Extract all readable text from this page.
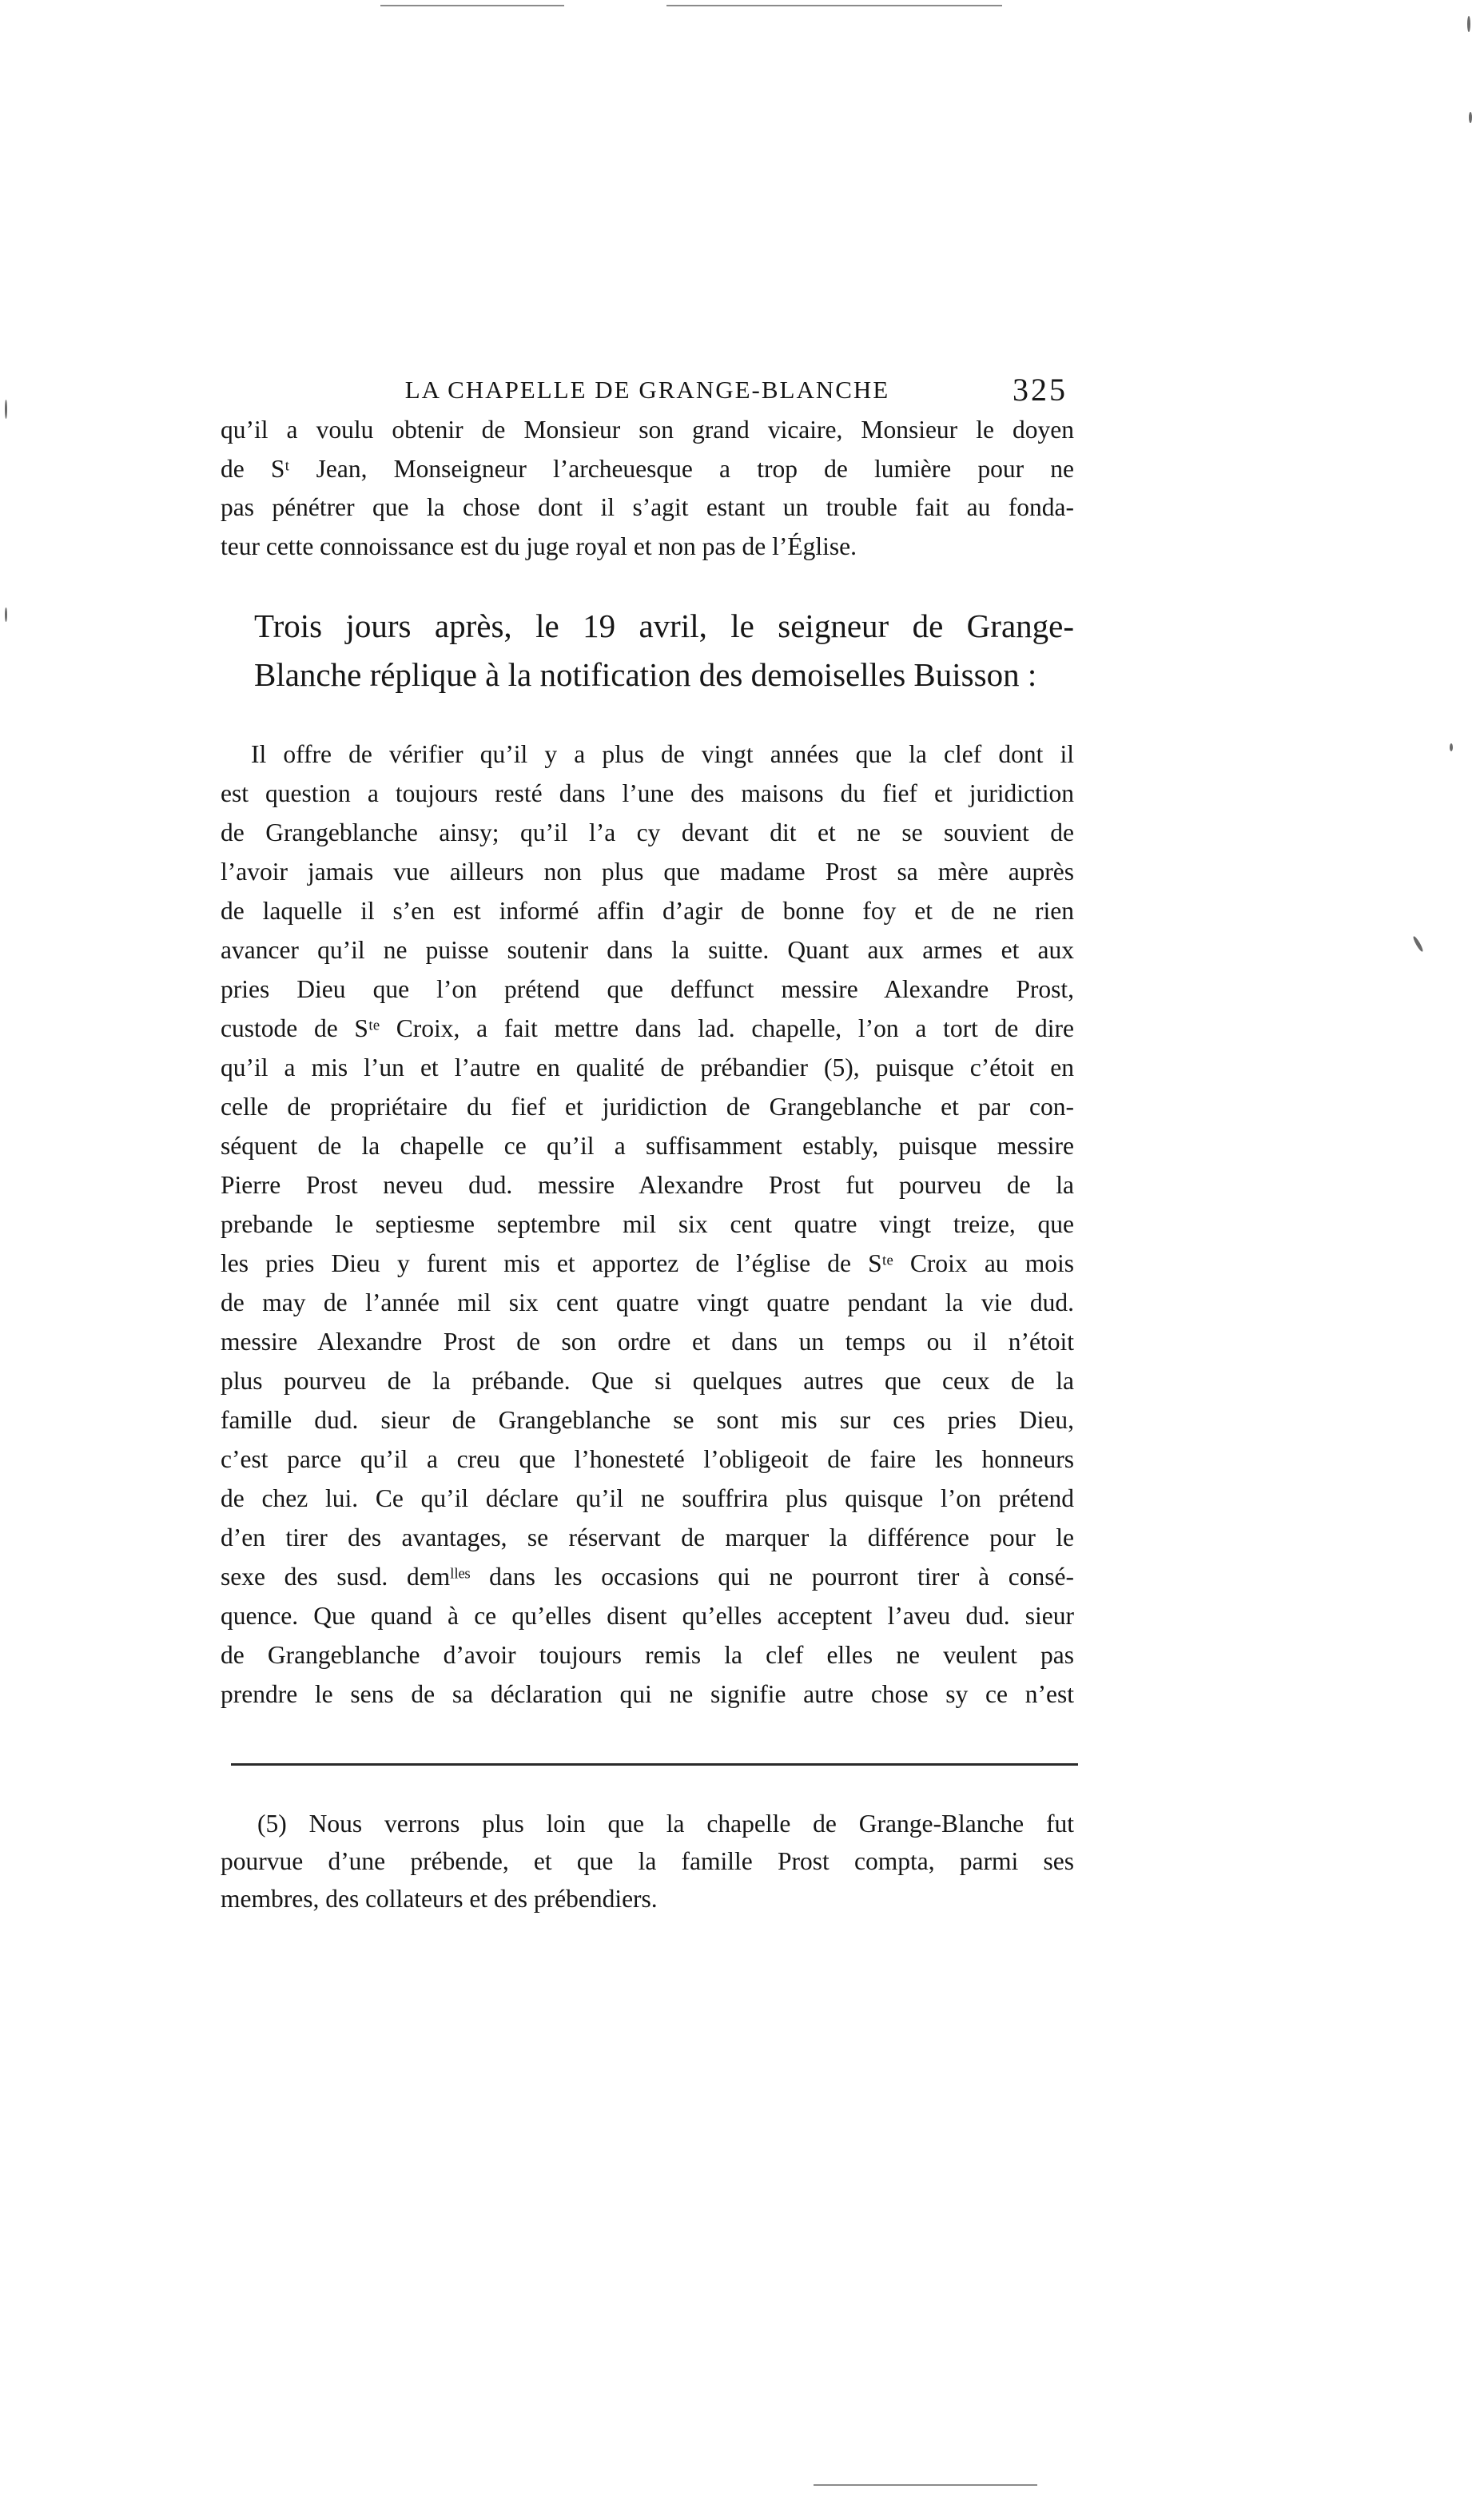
LA CHAPELLE DE GRANGE-BLANCHE	325
qu’il a voulu obtenir de Monsieur son grand vicaire, Monsieur le doyen
de Sᵗ Jean, Monseigneur l’archeuesque a trop de lumière pour ne
pas pénétrer que la chose dont il s’agit estant un trouble fait au fonda-
teur cette connoissance est du juge royal et non pas de l’Église.
Trois jours après, le 19 avril, le seigneur de Grange-
Blanche réplique à la notification des demoiselles Buisson :
Il offre de vérifier qu’il y a plus de vingt années que la clef dont il
est question a toujours resté dans l’une des maisons du fief et juridiction
de Grangeblanche ainsy; qu’il l’a cy devant dit et ne se souvient de
l’avoir jamais vue ailleurs non plus que madame Prost sa mère auprès
de laquelle il s’en est informé affin d’agir de bonne foy et de ne rien
avancer qu’il ne puisse soutenir dans la suitte. Quant aux armes et aux
pries Dieu que l’on prétend que deffunct messire Alexandre Prost,
custode de Sᵗᵉ Croix, a fait mettre dans lad. chapelle, l’on a tort de dire
qu’il a mis l’un et l’autre en qualité de prébandier (5), puisque c’étoit en
celle de propriétaire du fief et juridiction de Grangeblanche et par con-
séquent de la chapelle ce qu’il a suffisamment estably, puisque messire
Pierre Prost neveu dud. messire Alexandre Prost fut pourveu de la
prebande le septiesme septembre mil six cent quatre vingt treize, que
les pries Dieu y furent mis et apportez de l’église de Sᵗᵉ Croix au mois
de may de l’année mil six cent quatre vingt quatre pendant la vie dud.
messire Alexandre Prost de son ordre et dans un temps ou il n’étoit
plus pourveu de la prébande. Que si quelques autres que ceux de la
famille dud. sieur de Grangeblanche se sont mis sur ces pries Dieu,
c’est parce qu’il a creu que l’honesteté l’obligeoit de faire les honneurs
de chez lui. Ce qu’il déclare qu’il ne souffrira plus quisque l’on prétend
d’en tirer des avantages, se réservant de marquer la différence pour le
sexe des susd. demˡˡᵉˢ dans les occasions qui ne pourront tirer à consé-
quence. Que quand à ce qu’elles disent qu’elles acceptent l’aveu dud. sieur
de Grangeblanche d’avoir toujours remis la clef elles ne veulent pas
prendre le sens de sa déclaration qui ne signifie autre chose sy ce n’est
(5) Nous verrons plus loin que la chapelle de Grange-Blanche fut
pourvue d’une prébende, et que la famille Prost compta, parmi ses
membres, des collateurs et des prébendiers.
